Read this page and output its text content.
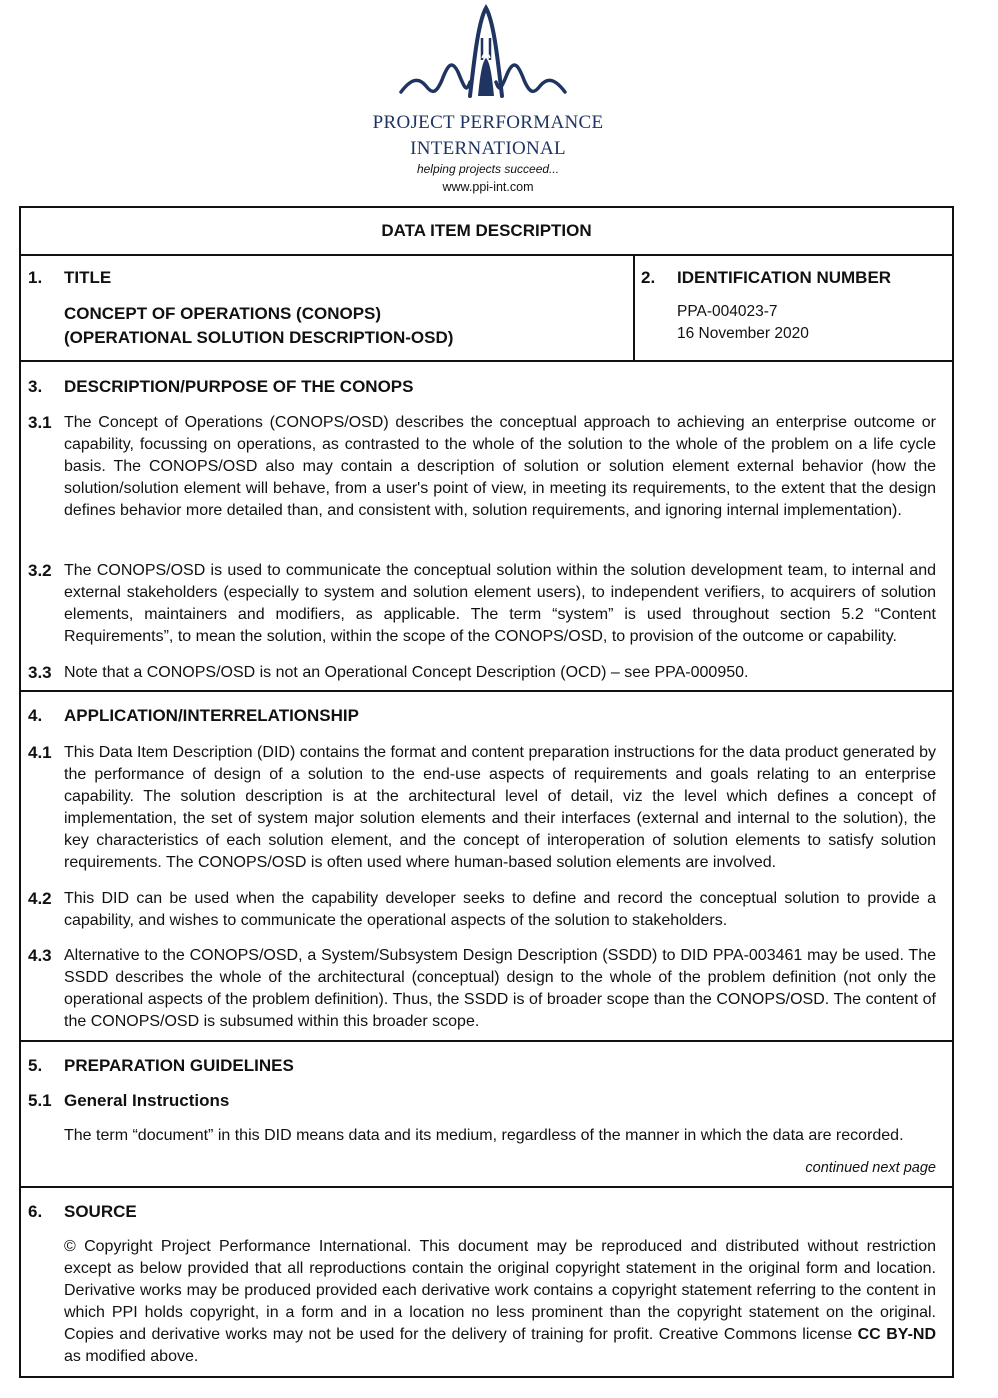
PROJECT PERFORMANCE
INTERNATIONAL
helping projects succeed...
www.ppi-int.com
DATA ITEM DESCRIPTION
1. TITLE
CONCEPT OF OPERATIONS (CONOPS)
(OPERATIONAL SOLUTION DESCRIPTION-OSD)
2. IDENTIFICATION NUMBER
PPA-004023-7
16 November 2020
3. DESCRIPTION/PURPOSE OF THE CONOPS
3.1 The Concept of Operations (CONOPS/OSD) describes the conceptual approach to achieving an enterprise outcome or capability, focussing on operations, as contrasted to the whole of the solution to the whole of the problem on a life cycle basis. The CONOPS/OSD also may contain a description of solution or solution element external behavior (how the solution/solution element will behave, from a user's point of view, in meeting its requirements, to the extent that the design defines behavior more detailed than, and consistent with, solution requirements, and ignoring internal implementation).
3.2 The CONOPS/OSD is used to communicate the conceptual solution within the solution development team, to internal and external stakeholders (especially to system and solution element users), to independent verifiers, to acquirers of solution elements, maintainers and modifiers, as applicable. The term “system” is used throughout section 5.2 “Content Requirements”, to mean the solution, within the scope of the CONOPS/OSD, to provision of the outcome or capability.
3.3 Note that a CONOPS/OSD is not an Operational Concept Description (OCD) – see PPA-000950.
4. APPLICATION/INTERRELATIONSHIP
4.1 This Data Item Description (DID) contains the format and content preparation instructions for the data product generated by the performance of design of a solution to the end-use aspects of requirements and goals relating to an enterprise capability. The solution description is at the architectural level of detail, viz the level which defines a concept of implementation, the set of system major solution elements and their interfaces (external and internal to the solution), the key characteristics of each solution element, and the concept of interoperation of solution elements to satisfy solution requirements. The CONOPS/OSD is often used where human-based solution elements are involved.
4.2 This DID can be used when the capability developer seeks to define and record the conceptual solution to provide a capability, and wishes to communicate the operational aspects of the solution to stakeholders.
4.3 Alternative to the CONOPS/OSD, a System/Subsystem Design Description (SSDD) to DID PPA-003461 may be used. The SSDD describes the whole of the architectural (conceptual) design to the whole of the problem definition (not only the operational aspects of the problem definition). Thus, the SSDD is of broader scope than the CONOPS/OSD. The content of the CONOPS/OSD is subsumed within this broader scope.
5. PREPARATION GUIDELINES
5.1 General Instructions
The term “document” in this DID means data and its medium, regardless of the manner in which the data are recorded.
continued next page
6. SOURCE
© Copyright Project Performance International. This document may be reproduced and distributed without restriction except as below provided that all reproductions contain the original copyright statement in the original form and location. Derivative works may be produced provided each derivative work contains a copyright statement referring to the content in which PPI holds copyright, in a form and in a location no less prominent than the copyright statement on the original. Copies and derivative works may not be used for the delivery of training for profit. Creative Commons license CC BY-ND as modified above.
